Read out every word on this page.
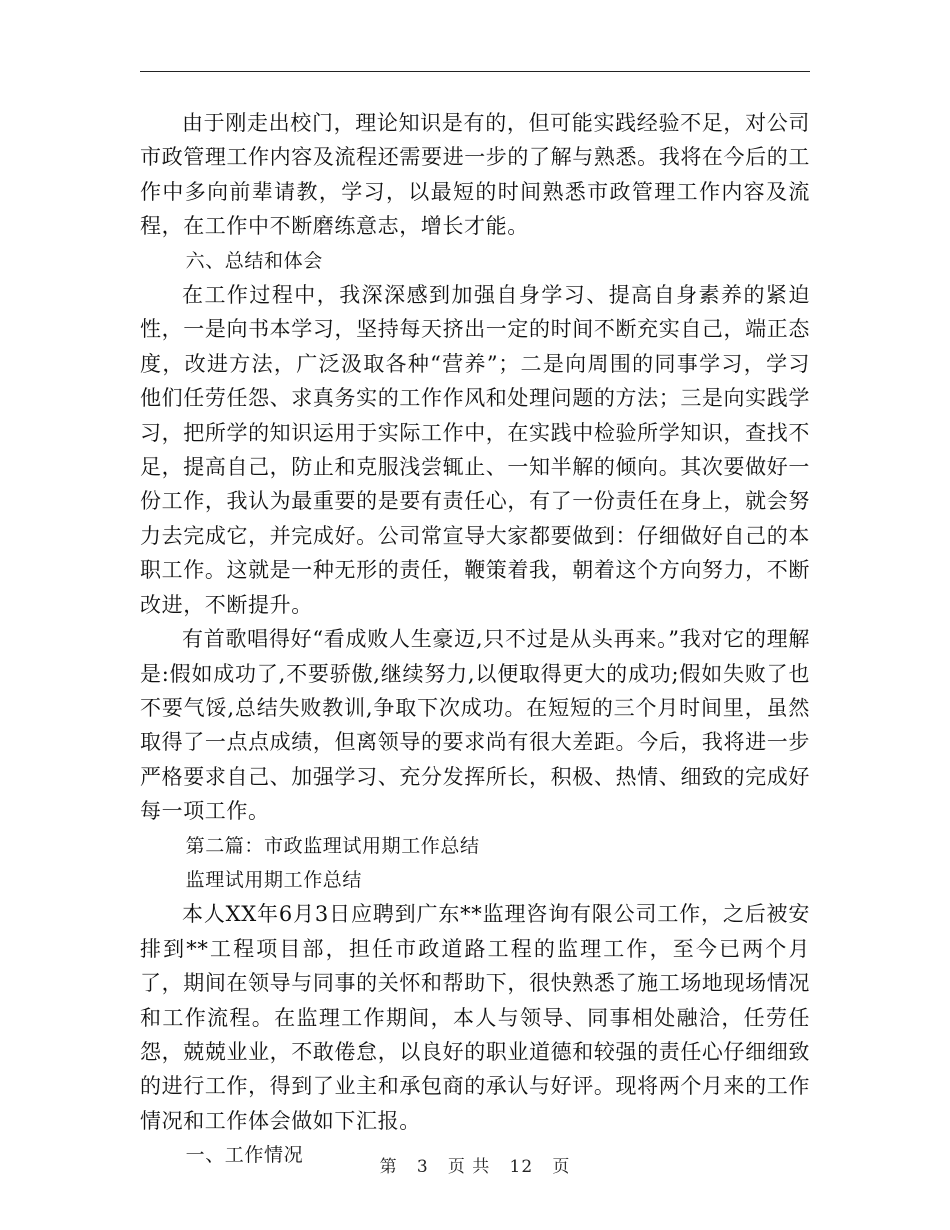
由于刚走出校门，理论知识是有的，但可能实践经验不足，对公司市政管理工作内容及流程还需要进一步的了解与熟悉。我将在今后的工作中多向前辈请教，学习，以最短的时间熟悉市政管理工作内容及流程，在工作中不断磨练意志，增长才能。

六、总结和体会

在工作过程中，我深深感到加强自身学习、提高自身素养的紧迫性，一是向书本学习，坚持每天挤出一定的时间不断充实自己，端正态度，改进方法，广泛汲取各种“营养”；二是向周围的同事学习，学习他们任劳任怨、求真务实的工作作风和处理问题的方法；三是向实践学习，把所学的知识运用于实际工作中，在实践中检验所学知识，查找不足，提高自己，防止和克服浅尝辄止、一知半解的倾向。其次要做好一份工作，我认为最重要的是要有责任心，有了一份责任在身上，就会努力去完成它，并完成好。公司常宣导大家都要做到：仔细做好自己的本职工作。这就是一种无形的责任，鞭策着我，朝着这个方向努力，不断改进，不断提升。

有首歌唱得好“看成败人生豪迈,只不过是从头再来。”我对它的理解是:假如成功了,不要骄傲,继续努力,以便取得更大的成功;假如失败了也不要气馁,总结失败教训,争取下次成功。在短短的三个月时间里，虽然取得了一点点成绩，但离领导的要求尚有很大差距。今后，我将进一步严格要求自己、加强学习、充分发挥所长，积极、热情、细致的完成好每一项工作。

第二篇：市政监理试用期工作总结

监理试用期工作总结

本人XX年6月3日应聘到广东**监理咨询有限公司工作，之后被安排到**工程项目部，担任市政道路工程的监理工作，至今已两个月了，期间在领导与同事的关怀和帮助下，很快熟悉了施工场地现场情况和工作流程。在监理工作期间，本人与领导、同事相处融洽，任劳任怨，兢兢业业，不敢倦怠，以良好的职业道德和较强的责任心仔细细致的进行工作，得到了业主和承包商的承认与好评。现将两个月来的工作情况和工作体会做如下汇报。

一、工作情况

第 3 页 共 12 页
